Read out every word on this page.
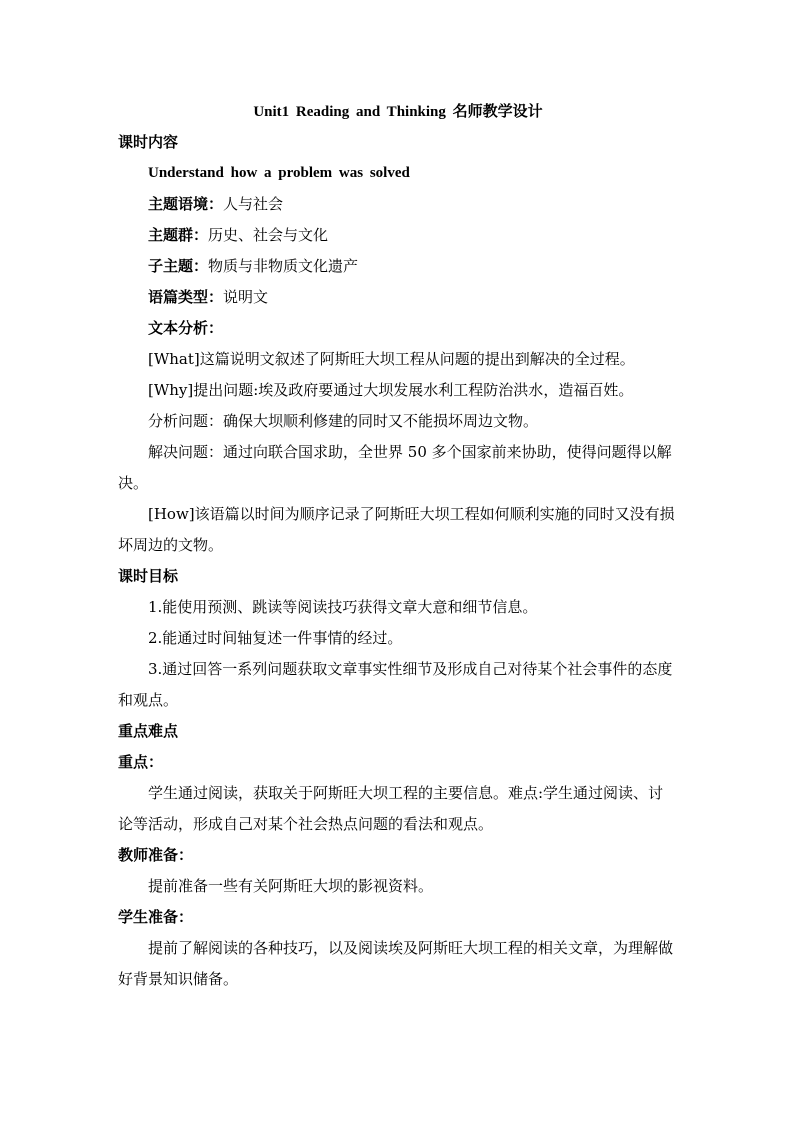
Unit1 Reading and Thinking 名师教学设计
课时内容
Understand how a problem was solved
主题语境：人与社会
主题群：历史、社会与文化
子主题：物质与非物质文化遗产
语篇类型：说明文
文本分析：
[What]这篇说明文叙述了阿斯旺大坝工程从问题的提出到解决的全过程。
[Why]提出问题:埃及政府要通过大坝发展水利工程防治洪水，造福百姓。
分析问题：确保大坝顺利修建的同时又不能损坏周边文物。
解决问题：通过向联合国求助，全世界 50 多个国家前来协助，使得问题得以解决。
[How]该语篇以时间为顺序记录了阿斯旺大坝工程如何顺利实施的同时又没有损坏周边的文物。
课时目标
1.能使用预测、跳读等阅读技巧获得文章大意和细节信息。
2.能通过时间轴复述一件事情的经过。
3.通过回答一系列问题获取文章事实性细节及形成自己对待某个社会事件的态度和观点。
重点难点
重点：
学生通过阅读，获取关于阿斯旺大坝工程的主要信息。难点:学生通过阅读、讨论等活动，形成自己对某个社会热点问题的看法和观点。
教师准备：
提前准备一些有关阿斯旺大坝的影视资料。
学生准备：
提前了解阅读的各种技巧，以及阅读埃及阿斯旺大坝工程的相关文章，为理解做好背景知识储备。
